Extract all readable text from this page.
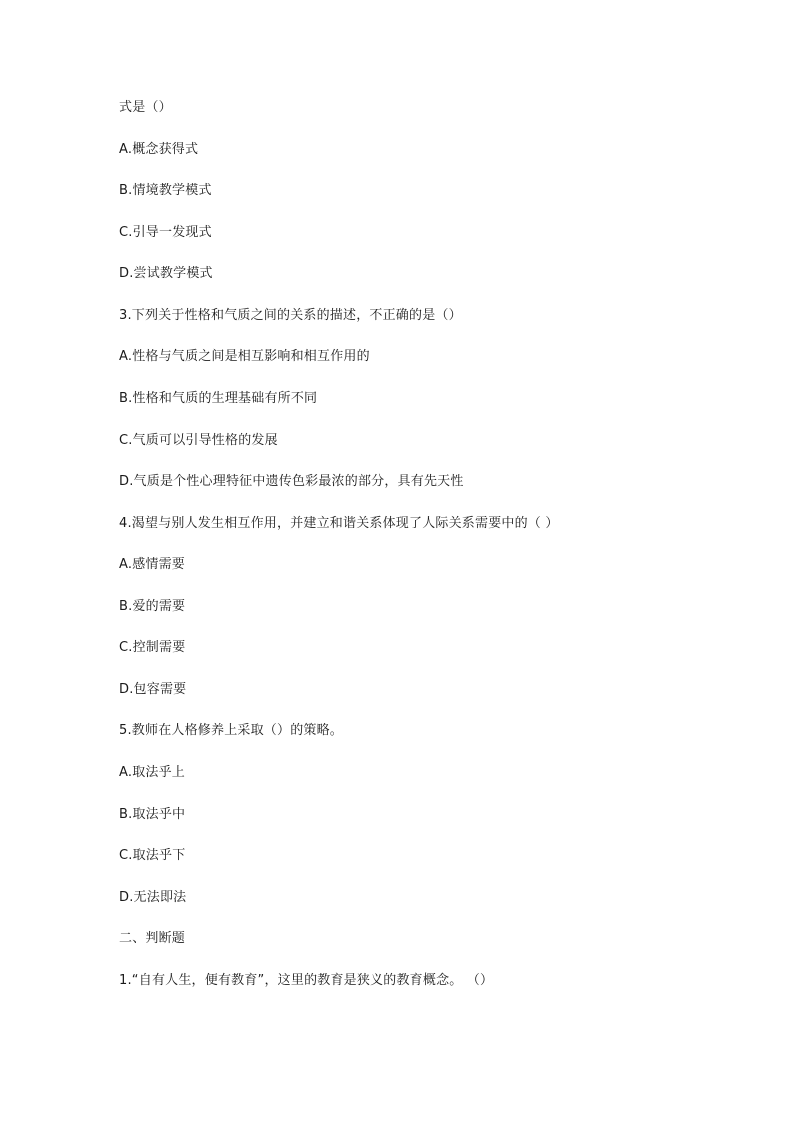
式是（）
A.概念获得式
B.情境教学模式
C.引导一发现式
D.尝试教学模式
3.下列关于性格和气质之间的关系的描述，不正确的是（）
A.性格与气质之间是相互影响和相互作用的
B.性格和气质的生理基础有所不同
C.气质可以引导性格的发展
D.气质是个性心理特征中遗传色彩最浓的部分，具有先天性
4.渴望与别人发生相互作用，并建立和谐关系体现了人际关系需要中的（ ）
A.感情需要
B.爱的需要
C.控制需要
D.包容需要
5.教师在人格修养上采取（）的策略。
A.取法乎上
B.取法乎中
C.取法乎下
D.无法即法
二、判断题
1.“自有人生，便有教育”，这里的教育是狭义的教育概念。 （）
